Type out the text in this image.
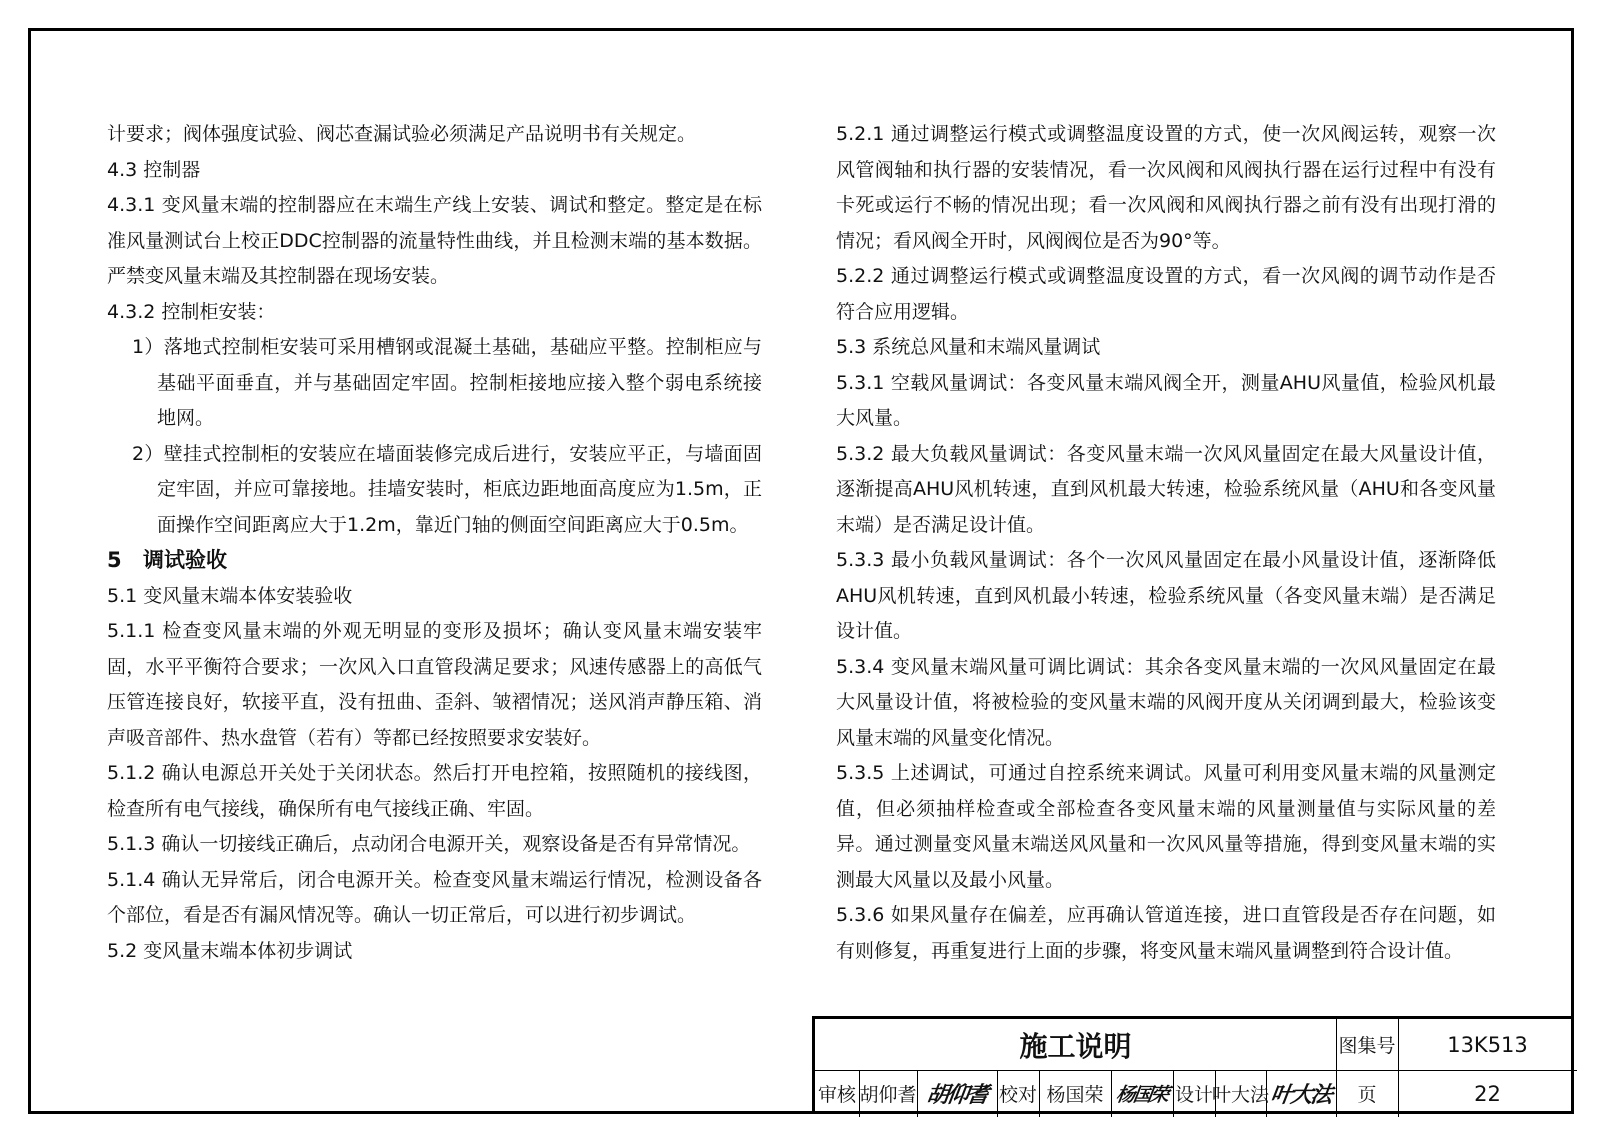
计要求；阀体强度试验、阀芯查漏试验必须满足产品说明书有关规定。

4.3 控制器

4.3.1 变风量末端的控制器应在末端生产线上安装、调试和整定。整定是在标准风量测试台上校正DDC控制器的流量特性曲线，并且检测末端的基本数据。严禁变风量末端及其控制器在现场安装。

4.3.2 控制柜安装：

1）落地式控制柜安装可采用槽钢或混凝土基础，基础应平整。控制柜应与基础平面垂直，并与基础固定牢固。控制柜接地应接入整个弱电系统接地网。

2）壁挂式控制柜的安装应在墙面装修完成后进行，安装应平正，与墙面固定牢固，并应可靠接地。挂墙安装时，柜底边距地面高度应为1.5m，正面操作空间距离应大于1.2m，靠近门轴的侧面空间距离应大于0.5m。

5 调试验收

5.1 变风量末端本体安装验收

5.1.1 检查变风量末端的外观无明显的变形及损坏；确认变风量末端安装牢固，水平平衡符合要求；一次风入口直管段满足要求；风速传感器上的高低气压管连接良好，软接平直，没有扭曲、歪斜、皱褶情况；送风消声静压箱、消声吸音部件、热水盘管（若有）等都已经按照要求安装好。

5.1.2 确认电源总开关处于关闭状态。然后打开电控箱，按照随机的接线图，检查所有电气接线，确保所有电气接线正确、牢固。

5.1.3 确认一切接线正确后，点动闭合电源开关，观察设备是否有异常情况。

5.1.4 确认无异常后，闭合电源开关。检查变风量末端运行情况，检测设备各个部位，看是否有漏风情况等。确认一切正常后，可以进行初步调试。

5.2 变风量末端本体初步调试

5.2.1 通过调整运行模式或调整温度设置的方式，使一次风阀运转，观察一次风管阀轴和执行器的安装情况，看一次风阀和风阀执行器在运行过程中有没有卡死或运行不畅的情况出现；看一次风阀和风阀执行器之前有没有出现打滑的情况；看风阀全开时，风阀阀位是否为90°等。

5.2.2 通过调整运行模式或调整温度设置的方式，看一次风阀的调节动作是否符合应用逻辑。

5.3 系统总风量和末端风量调试

5.3.1 空载风量调试：各变风量末端风阀全开，测量AHU风量值，检验风机最大风量。

5.3.2 最大负载风量调试：各变风量末端一次风风量固定在最大风量设计值，逐渐提高AHU风机转速，直到风机最大转速，检验系统风量（AHU和各变风量末端）是否满足设计值。

5.3.3 最小负载风量调试：各个一次风风量固定在最小风量设计值，逐渐降低AHU风机转速，直到风机最小转速，检验系统风量（各变风量末端）是否满足设计值。

5.3.4 变风量末端风量可调比调试：其余各变风量末端的一次风风量固定在最大风量设计值，将被检验的变风量末端的风阀开度从关闭调到最大，检验该变风量末端的风量变化情况。

5.3.5 上述调试，可通过自控系统来调试。风量可利用变风量末端的风量测定值，但必须抽样检查或全部检查各变风量末端的风量测量值与实际风量的差异。通过测量变风量末端送风风量和一次风风量等措施，得到变风量末端的实测最大风量以及最小风量。

5.3.6 如果风量存在偏差，应再确认管道连接，进口直管段是否存在问题，如有则修复，再重复进行上面的步骤，将变风量末端风量调整到符合设计值。

施工说明	图集号	13K513
审核 胡仰耆 胡仰耆 校对 杨国荣 杨国荣 设计 叶大法 叶大法	页	22
